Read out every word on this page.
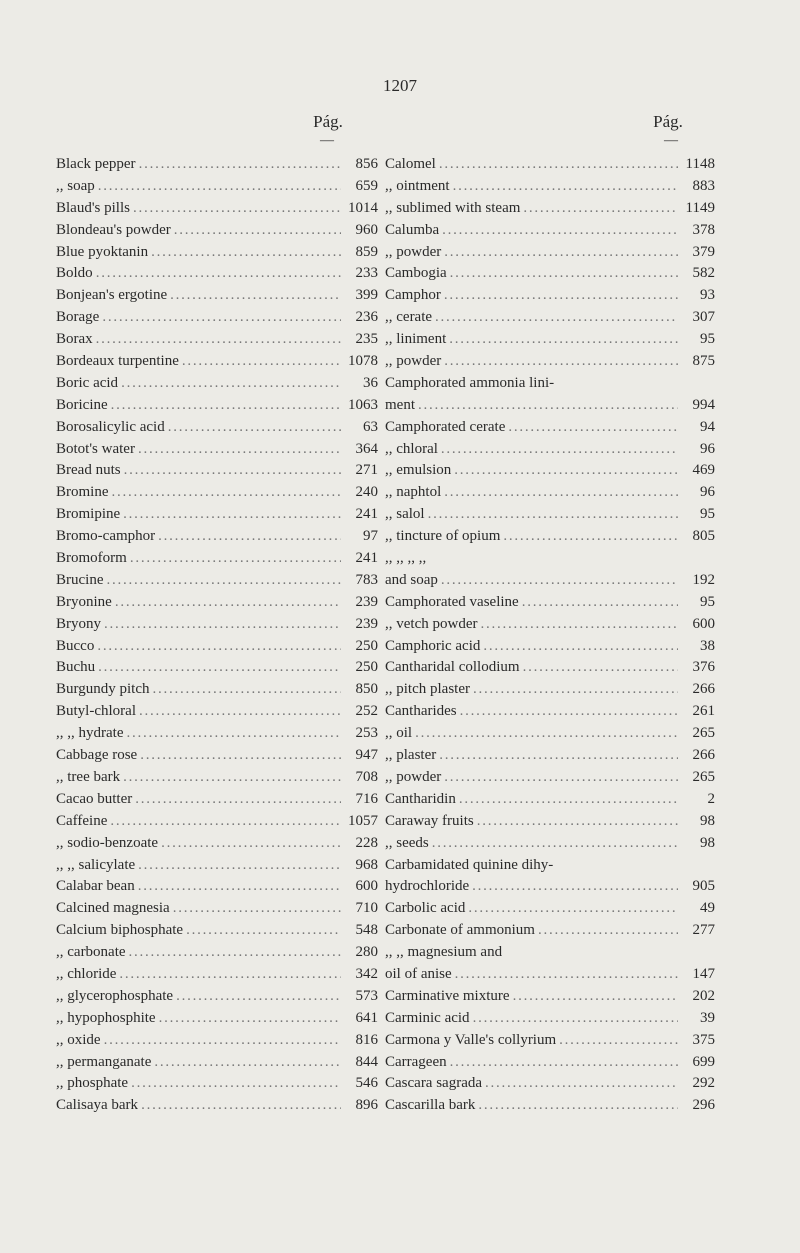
1207
Pág.	Pág.
—	—
Black pepper . . .	856
,, soap . . .	659
Blaud's pills . . .	1014
Blondeau's powder . . .	960
Blue pyoktanin . . .	859
Boldo . . .	233
Bonjean's ergotine . . .	399
Borage . . .	236
Borax . . .	235
Bordeaux turpentine . . .	1078
Boric acid . . .	36
Boricine . . .	1063
Borosalicylic acid . . .	63
Botot's water . . .	364
Bread nuts . . .	271
Bromine . . .	240
Bromipine . . .	241
Bromo-camphor . . .	97
Bromoform . . .	241
Brucine . . .	783
Bryonine . . .	239
Bryony . . .	239
Bucco . . .	250
Buchu . . .	250
Burgundy pitch . . .	850
Butyl-chloral . . .	252
,, ,, hydrate . . .	253
Cabbage rose . . .	947
,, tree bark . . .	708
Cacao butter . . .	716
Caffeine . . .	1057
,, sodio-benzoate . . .	228
,, ,, salicylate . . .	968
Calabar bean . . .	600
Calcined magnesia . . .	710
Calcium biphosphate . . .	548
,, carbonate . . .	280
,, chloride . . .	342
,, glycerophosphate . . .	573
,, hypophosphite . . .	641
,, oxide . . .	816
,, permanganate . . .	844
,, phosphate . . .	546
Calisaya bark . . .	896
Calomel . . .	1148
,, ointment . . .	883
,, sublimed with steam . . .	1149
Calumba . . .	378
,, powder . . .	379
Cambogia . . .	582
Camphor . . .	93
,, cerate . . .	307
,, liniment . . .	95
,, powder . . .	875
Camphorated ammonia lini-
ment . . .	994
Camphorated cerate . . .	94
,, chloral . . .	96
,, emulsion . . .	469
,, naphtol . . .	96
,, salol . . .	95
,, tincture of opium . . .	805
,, ,, ,, ,,
and soap . . .	192
Camphorated vaseline . . .	95
,, vetch powder . . .	600
Camphoric acid . . .	38
Cantharidal collodium . . .	376
,, pitch plaster . . .	266
Cantharides . . .	261
,, oil . . .	265
,, plaster . . .	266
,, powder . . .	265
Cantharidin . . .	2
Caraway fruits . . .	98
,, seeds . . .	98
Carbamidated quinine dihy-
hydrochloride . . .	905
Carbolic acid . . .	49
Carbonate of ammonium . . .	277
,, ,, magnesium and
oil of anise . . .	147
Carminative mixture . . .	202
Carminic acid . . .	39
Carmona y Valle's collyrium . . .	375
Carrageen . . .	699
Cascara sagrada . . .	292
Cascarilla bark . . .	296
